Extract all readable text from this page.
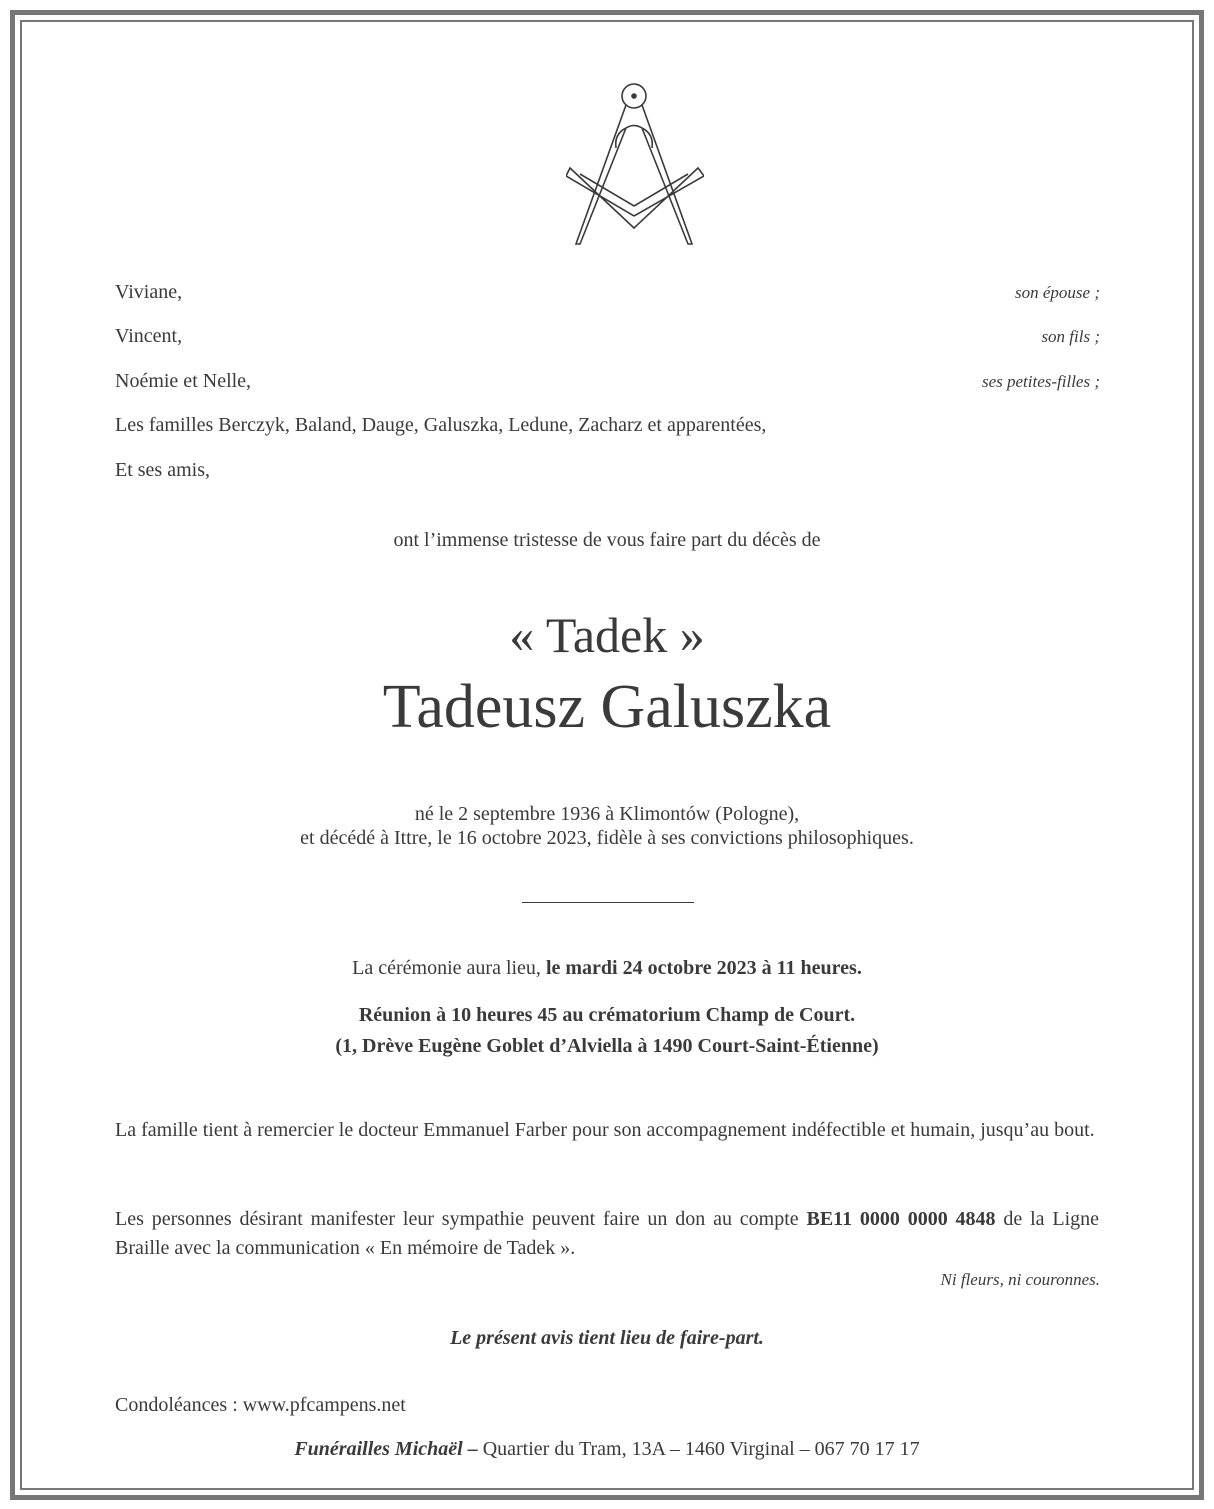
Viviane,	son épouse ;
Vincent,	son fils ;
Noémie et Nelle,	ses petites-filles ;
Les familles Berczyk, Baland, Dauge, Galuszka, Ledune, Zacharz et apparentées,
Et ses amis,
ont l’immense tristesse de vous faire part du décès de
« Tadek »
Tadeusz Galuszka
né le 2 septembre 1936 à Klimontów (Pologne),
et décédé à Ittre, le 16 octobre 2023, fidèle à ses convictions philosophiques.
La cérémonie aura lieu, le mardi 24 octobre 2023 à 11 heures.
Réunion à 10 heures 45 au crématorium Champ de Court.
(1, Drève Eugène Goblet d’Alviella à 1490 Court-Saint-Étienne)
La famille tient à remercier le docteur Emmanuel Farber pour son accompagnement indéfectible et humain, jusqu’au bout.
Les personnes désirant manifester leur sympathie peuvent faire un don au compte BE11 0000 0000 4848 de la Ligne Braille avec la communication « En mémoire de Tadek ».
Ni fleurs, ni couronnes.
Le présent avis tient lieu de faire-part.
Condoléances : www.pfcampens.net
Funérailles Michaël – Quartier du Tram, 13A – 1460 Virginal – 067 70 17 17
